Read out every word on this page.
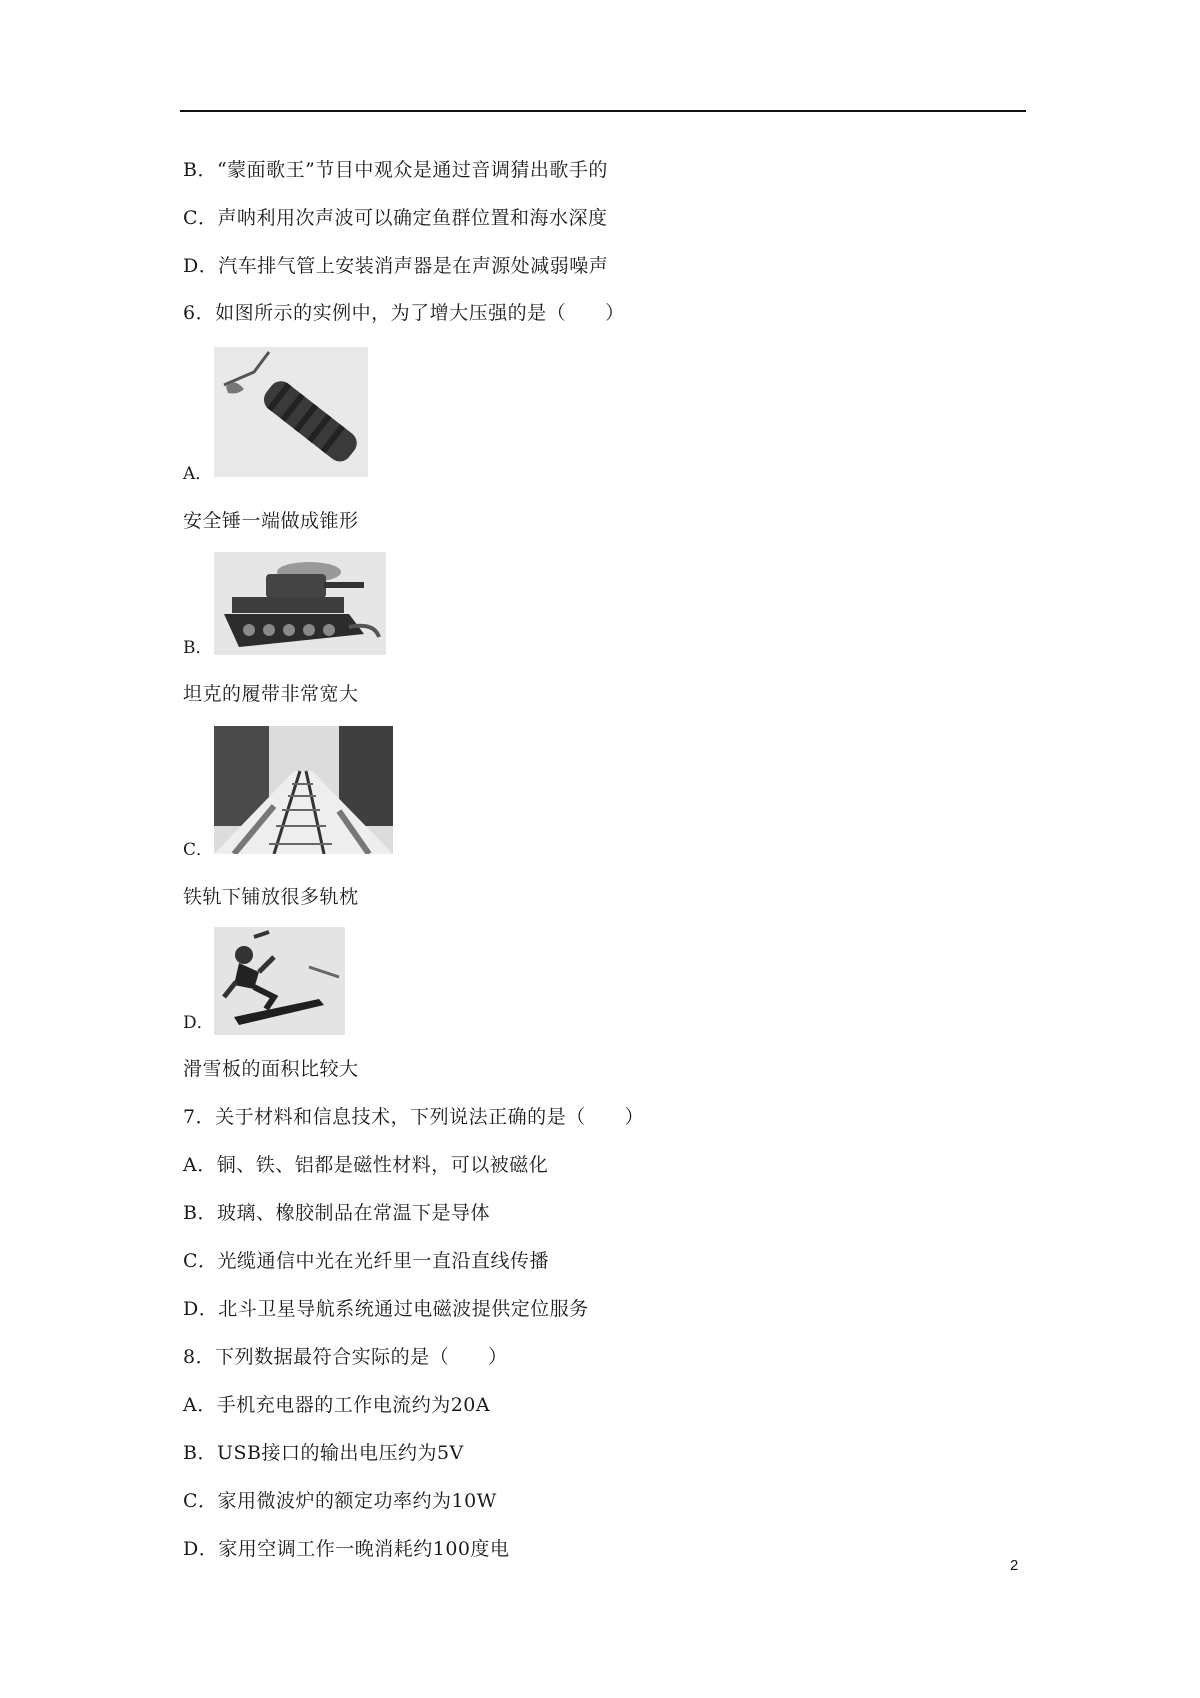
B．“蒙面歌王”节目中观众是通过音调猜出歌手的
C．声呐利用次声波可以确定鱼群位置和海水深度
D．汽车排气管上安装消声器是在声源处减弱噪声
6．如图所示的实例中，为了增大压强的是（　　）
A．
安全锤一端做成锥形
B．
坦克的履带非常宽大
C．
铁轨下铺放很多轨枕
D．
滑雪板的面积比较大
7．关于材料和信息技术，下列说法正确的是（　　）
A．铜、铁、铝都是磁性材料，可以被磁化
B．玻璃、橡胶制品在常温下是导体
C．光缆通信中光在光纤里一直沿直线传播
D．北斗卫星导航系统通过电磁波提供定位服务
8．下列数据最符合实际的是（　　）
A．手机充电器的工作电流约为20A
B．USB接口的输出电压约为5V
C．家用微波炉的额定功率约为10W
D．家用空调工作一晚消耗约100度电
2
